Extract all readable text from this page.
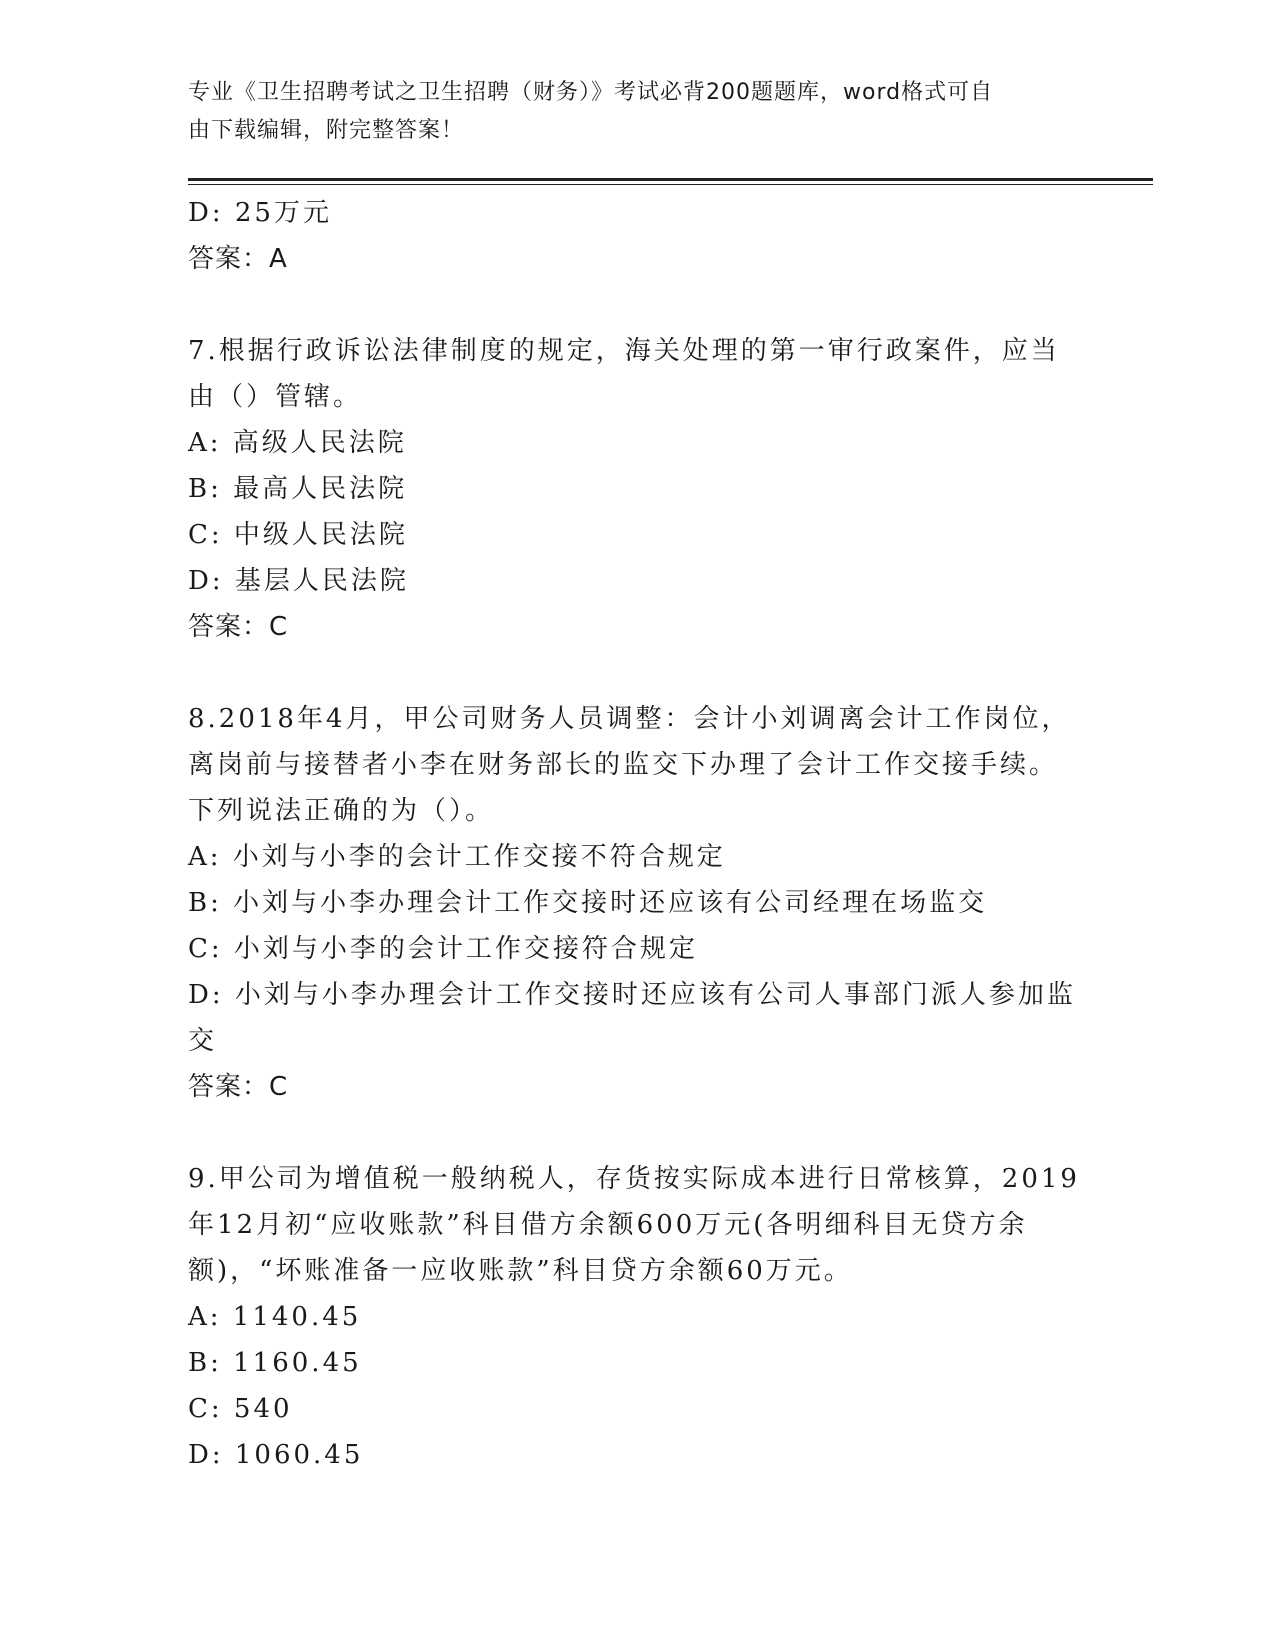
专业《卫生招聘考试之卫生招聘（财务）》考试必背200题题库，word格式可自
由下载编辑，附完整答案！
D: 25万元
答案：A
7.根据行政诉讼法律制度的规定，海关处理的第一审行政案件，应当
由（）管辖。
A: 高级人民法院
B: 最高人民法院
C: 中级人民法院
D: 基层人民法院
答案：C
8.2018年4月，甲公司财务人员调整：会计小刘调离会计工作岗位，
离岗前与接替者小李在财务部长的监交下办理了会计工作交接手续。
下列说法正确的为（）。
A: 小刘与小李的会计工作交接不符合规定
B: 小刘与小李办理会计工作交接时还应该有公司经理在场监交
C: 小刘与小李的会计工作交接符合规定
D: 小刘与小李办理会计工作交接时还应该有公司人事部门派人参加监
交
答案：C
9.甲公司为增值税一般纳税人，存货按实际成本进行日常核算，2019
年12月初“应收账款”科目借方余额600万元(各明细科目无贷方余
额)，“坏账准备一应收账款”科目贷方余额60万元。
A: 1140.45
B: 1160.45
C: 540
D: 1060.45
